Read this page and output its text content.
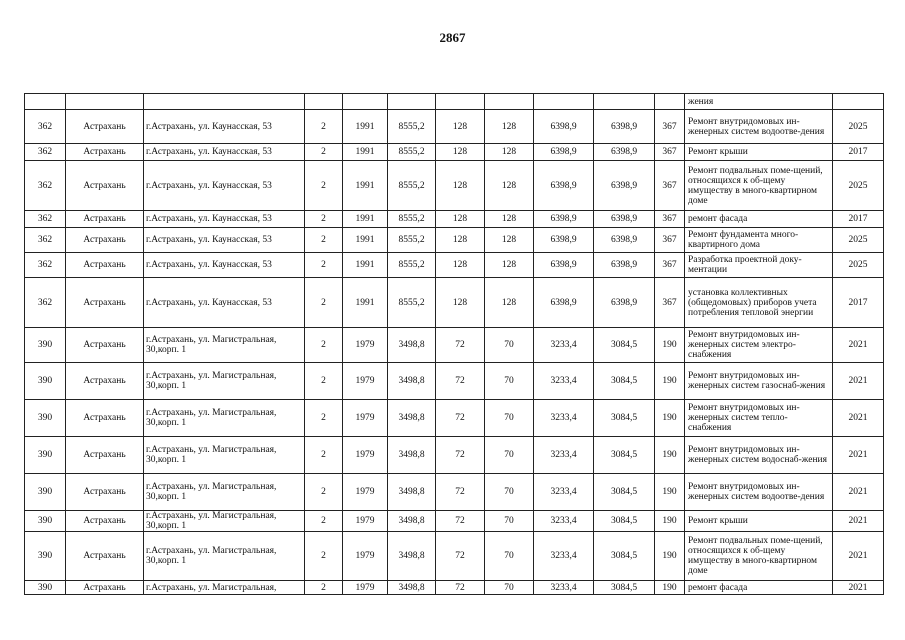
2867
											жения	
362	Астрахань	г.Астрахань, ул. Каунасская, 53	2	1991	8555,2	128	128	6398,9	6398,9	367	Ремонт внутридомовых ин-женерных систем водоотве-дения	2025
362	Астрахань	г.Астрахань, ул. Каунасская, 53	2	1991	8555,2	128	128	6398,9	6398,9	367	Ремонт крыши	2017
362	Астрахань	г.Астрахань, ул. Каунасская, 53	2	1991	8555,2	128	128	6398,9	6398,9	367	Ремонт подвальных поме-щений, относящихся к об-щему имуществу в много-квартирном доме	2025
362	Астрахань	г.Астрахань, ул. Каунасская, 53	2	1991	8555,2	128	128	6398,9	6398,9	367	ремонт фасада	2017
362	Астрахань	г.Астрахань, ул. Каунасская, 53	2	1991	8555,2	128	128	6398,9	6398,9	367	Ремонт фундамента много-квартирного дома	2025
362	Астрахань	г.Астрахань, ул. Каунасская, 53	2	1991	8555,2	128	128	6398,9	6398,9	367	Разработка проектной доку-ментации	2025
362	Астрахань	г.Астрахань, ул. Каунасская, 53	2	1991	8555,2	128	128	6398,9	6398,9	367	установка коллективных (общедомовых) приборов учета потребления тепловой энергии	2017
390	Астрахань	г.Астрахань, ул. Магистральная, 30,корп. 1	2	1979	3498,8	72	70	3233,4	3084,5	190	Ремонт внутридомовых ин-женерных систем электро-снабжения	2021
390	Астрахань	г.Астрахань, ул. Магистральная, 30,корп. 1	2	1979	3498,8	72	70	3233,4	3084,5	190	Ремонт внутридомовых ин-женерных систем газоснаб-жения	2021
390	Астрахань	г.Астрахань, ул. Магистральная, 30,корп. 1	2	1979	3498,8	72	70	3233,4	3084,5	190	Ремонт внутридомовых ин-женерных систем тепло-снабжения	2021
390	Астрахань	г.Астрахань, ул. Магистральная, 30,корп. 1	2	1979	3498,8	72	70	3233,4	3084,5	190	Ремонт внутридомовых ин-женерных систем водоснаб-жения	2021
390	Астрахань	г.Астрахань, ул. Магистральная, 30,корп. 1	2	1979	3498,8	72	70	3233,4	3084,5	190	Ремонт внутридомовых ин-женерных систем водоотве-дения	2021
390	Астрахань	г.Астрахань, ул. Магистральная, 30,корп. 1	2	1979	3498,8	72	70	3233,4	3084,5	190	Ремонт крыши	2021
390	Астрахань	г.Астрахань, ул. Магистральная, 30,корп. 1	2	1979	3498,8	72	70	3233,4	3084,5	190	Ремонт подвальных поме-щений, относящихся к об-щему имуществу в много-квартирном доме	2021
390	Астрахань	г.Астрахань, ул. Магистральная,	2	1979	3498,8	72	70	3233,4	3084,5	190	ремонт фасада	2021
